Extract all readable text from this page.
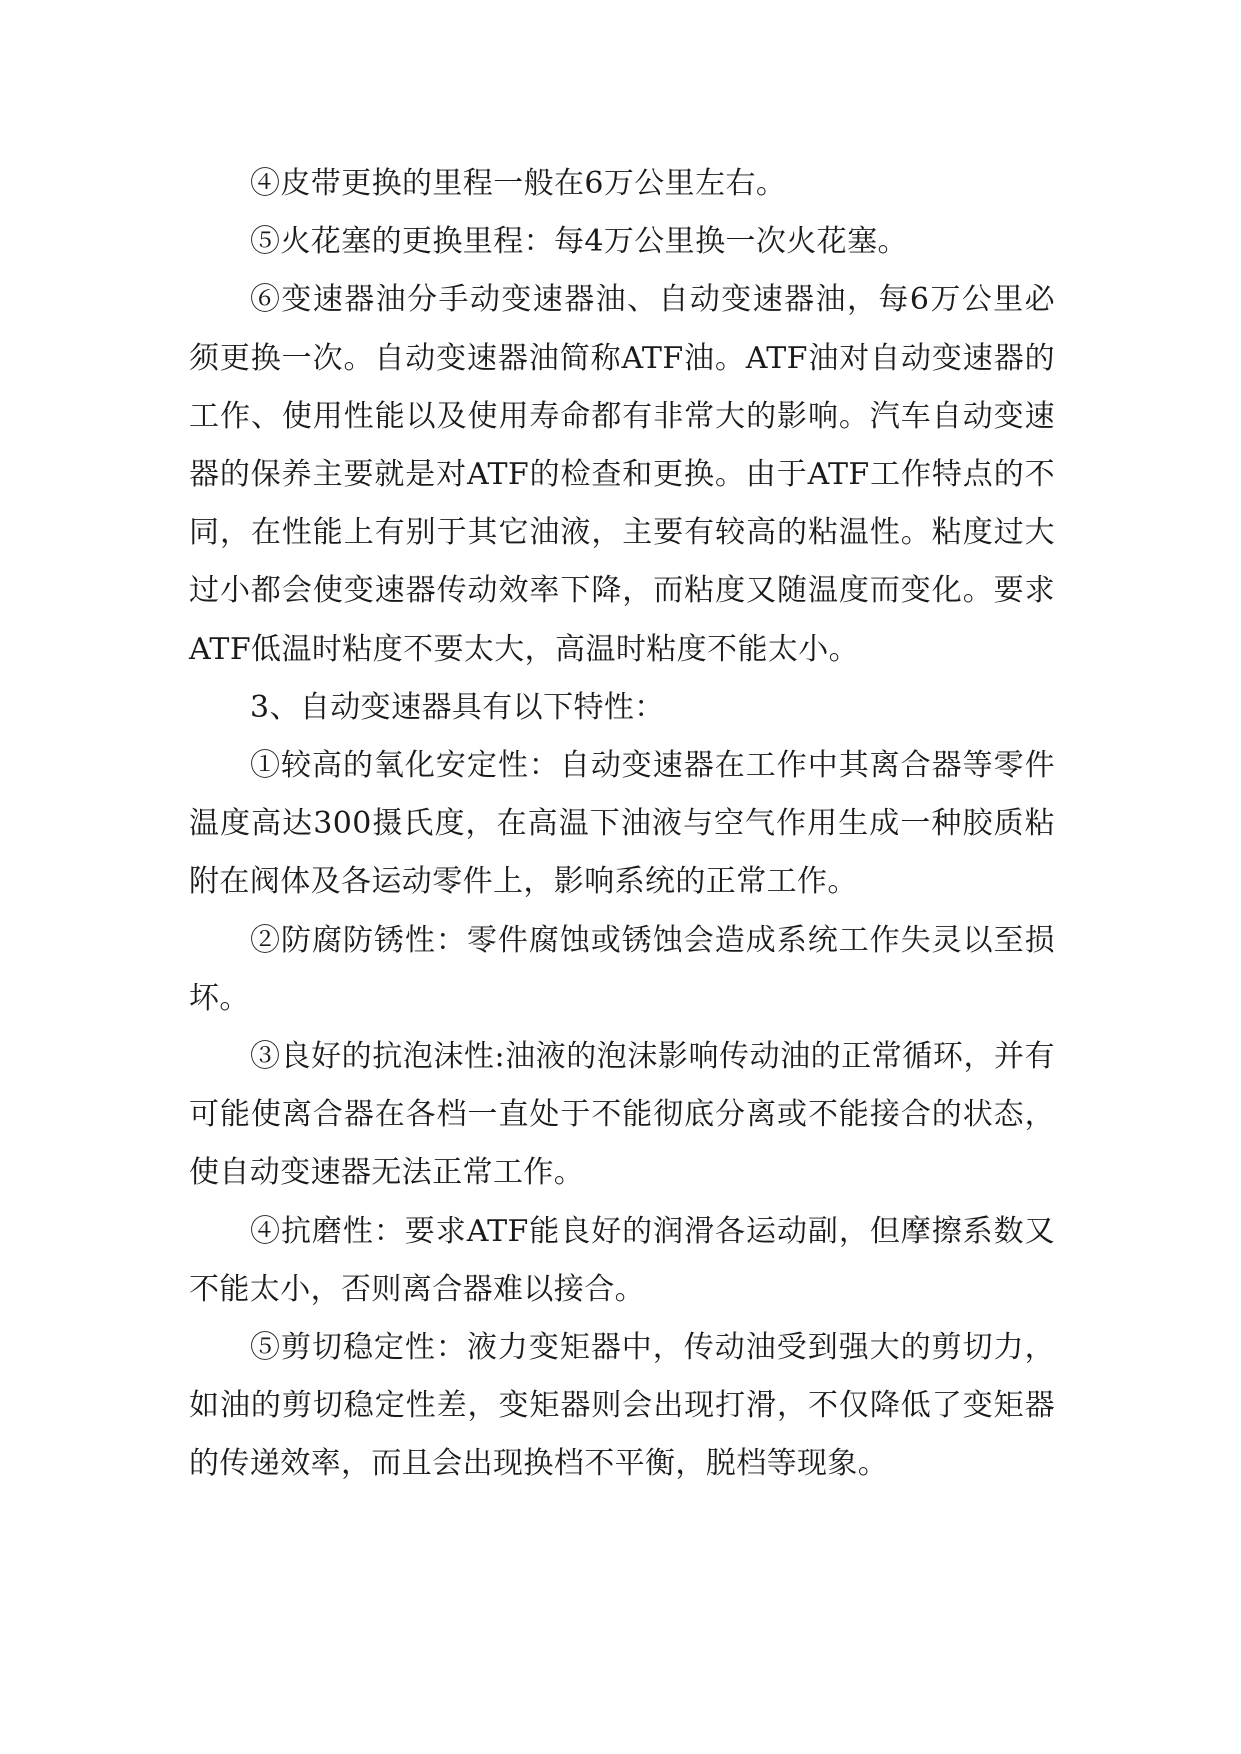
④皮带更换的里程一般在6万公里左右。

⑤火花塞的更换里程：每4万公里换一次火花塞。

⑥变速器油分手动变速器油、自动变速器油，每6万公里必须更换一次。自动变速器油简称ATF油。ATF油对自动变速器的工作、使用性能以及使用寿命都有非常大的影响。汽车自动变速器的保养主要就是对ATF的检查和更换。由于ATF工作特点的不同，在性能上有别于其它油液，主要有较高的粘温性。粘度过大过小都会使变速器传动效率下降，而粘度又随温度而变化。要求ATF低温时粘度不要太大，高温时粘度不能太小。

3、自动变速器具有以下特性：

①较高的氧化安定性：自动变速器在工作中其离合器等零件温度高达300摄氏度，在高温下油液与空气作用生成一种胶质粘附在阀体及各运动零件上，影响系统的正常工作。

②防腐防锈性：零件腐蚀或锈蚀会造成系统工作失灵以至损坏。

③良好的抗泡沫性:油液的泡沫影响传动油的正常循环，并有可能使离合器在各档一直处于不能彻底分离或不能接合的状态，使自动变速器无法正常工作。

④抗磨性：要求ATF能良好的润滑各运动副，但摩擦系数又不能太小，否则离合器难以接合。

⑤剪切稳定性：液力变矩器中，传动油受到强大的剪切力，如油的剪切稳定性差，变矩器则会出现打滑，不仅降低了变矩器的传递效率，而且会出现换档不平衡，脱档等现象。
